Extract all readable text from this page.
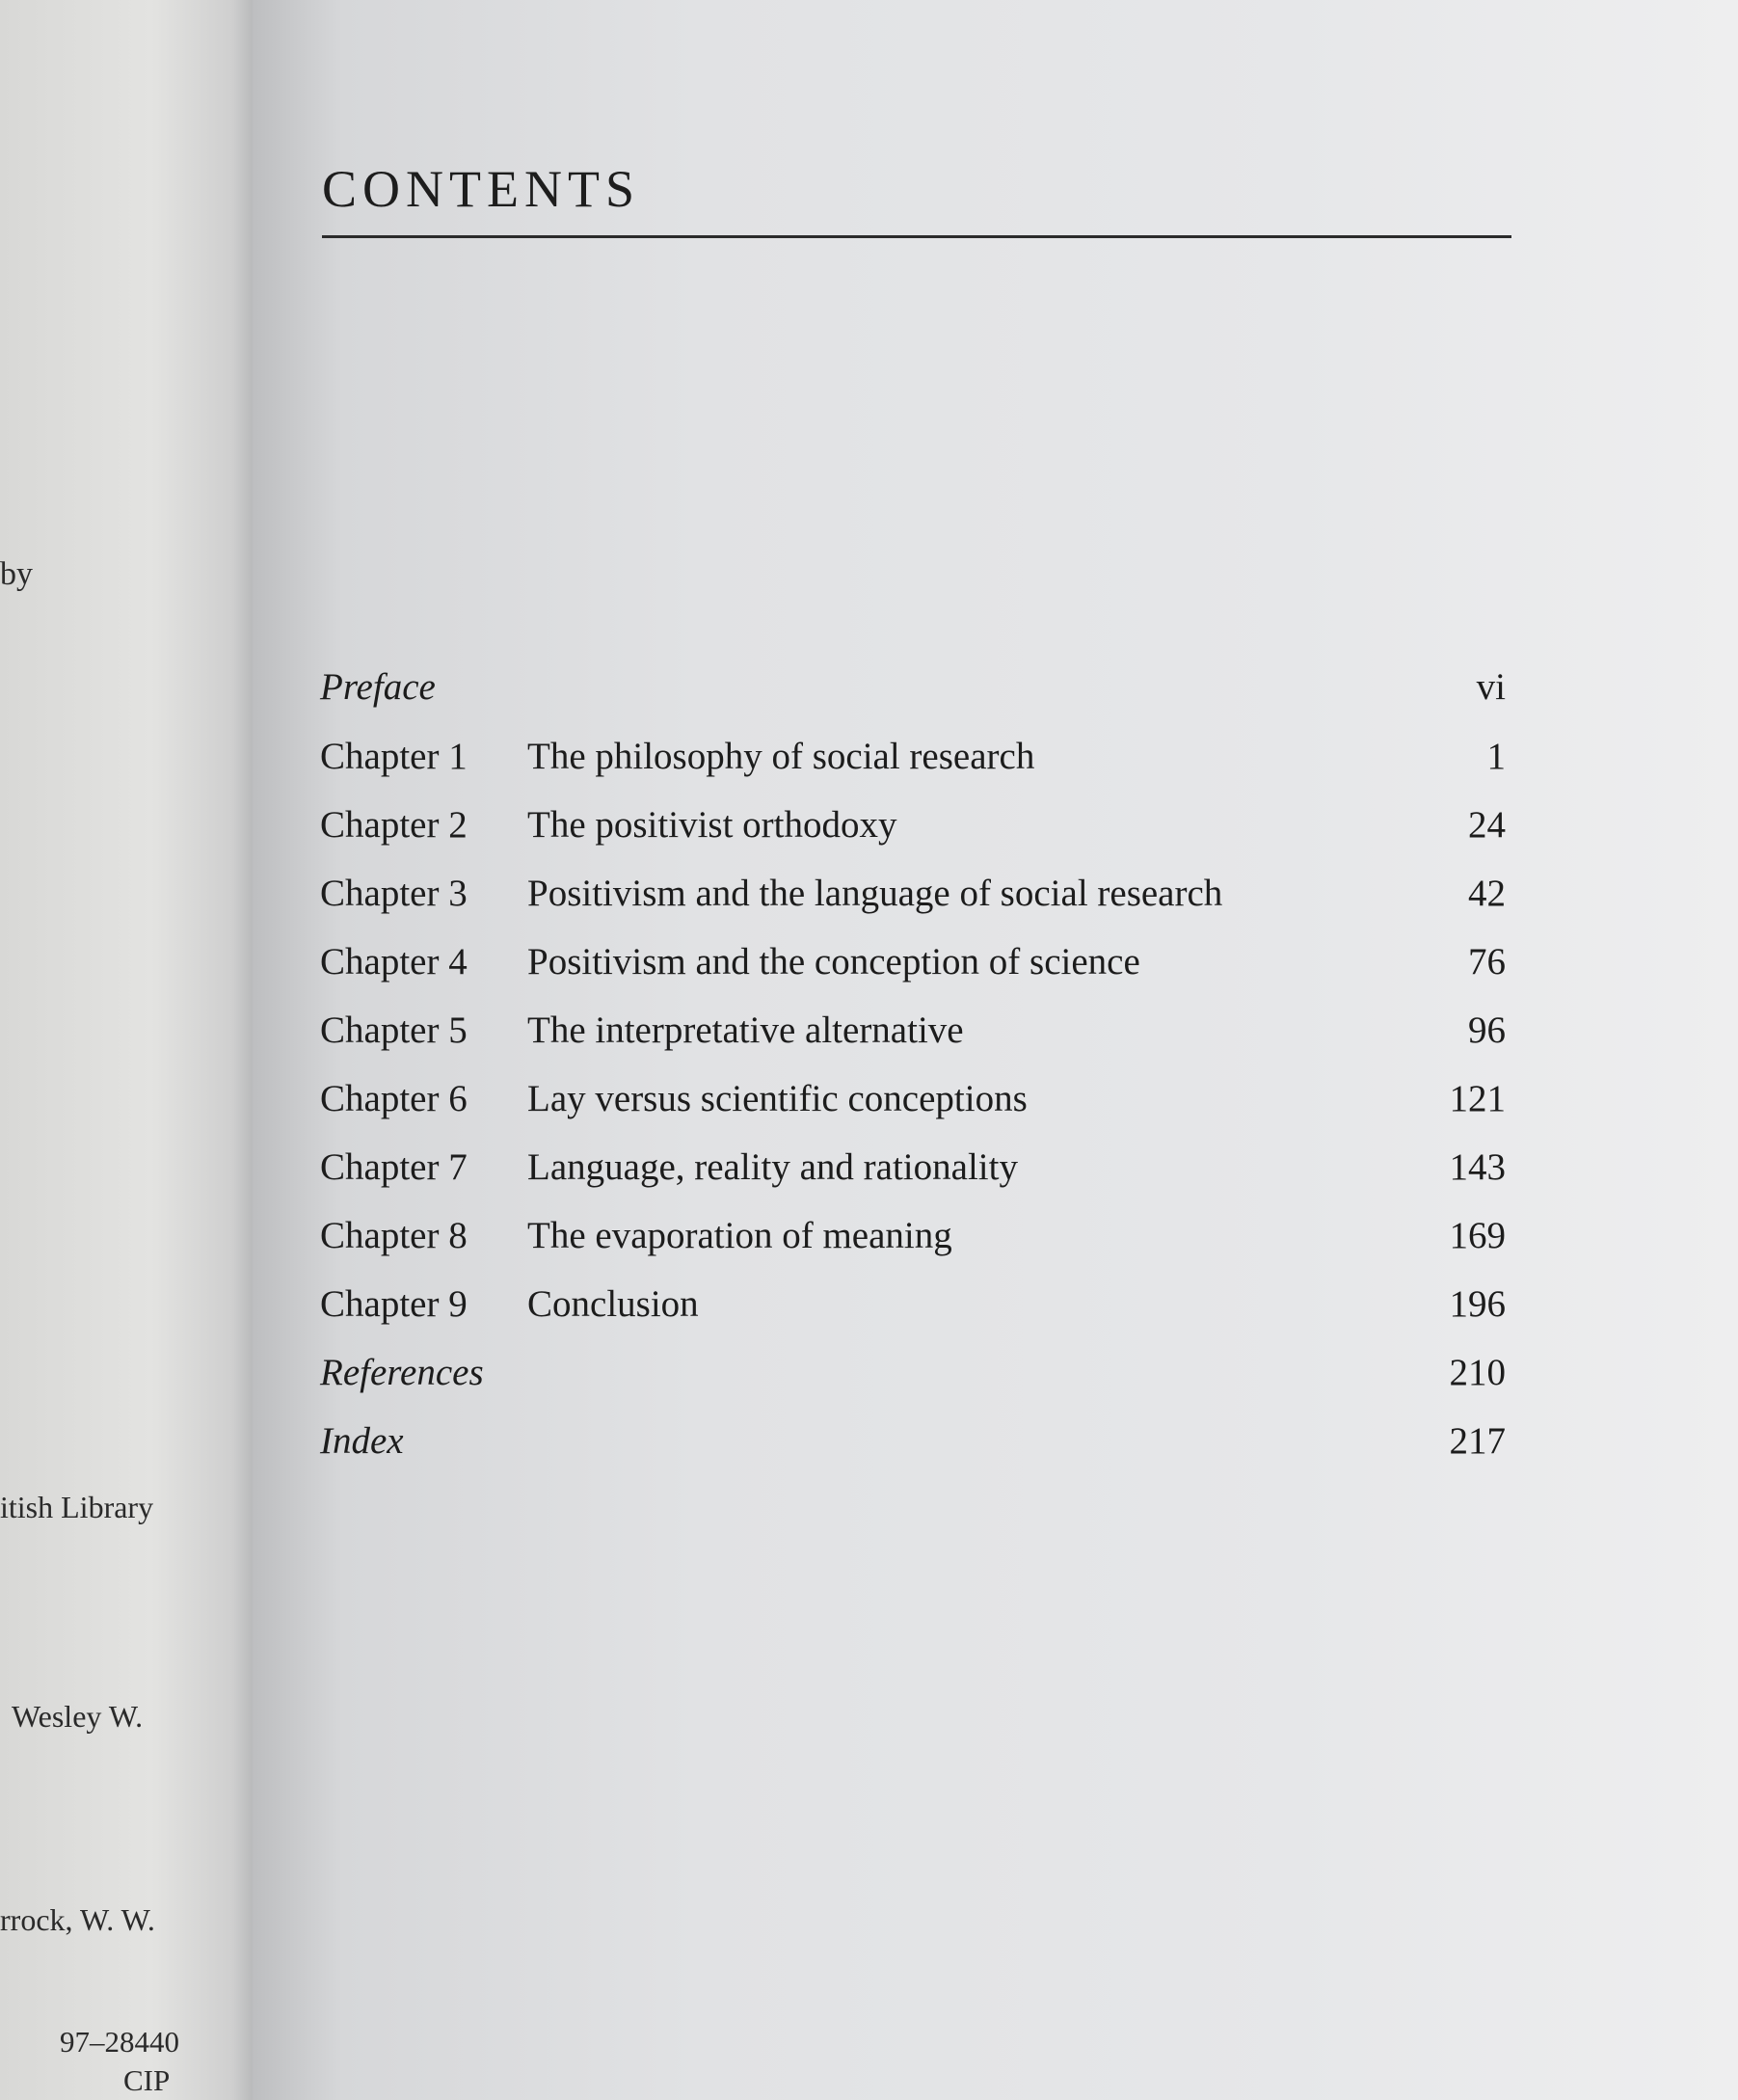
by
itish Library
Wesley W.
rrock, W. W.
97–28440
CIP
CONTENTS
Preface	vi
Chapter 1 The philosophy of social research	1
Chapter 2 The positivist orthodoxy	24
Chapter 3 Positivism and the language of social research	42
Chapter 4 Positivism and the conception of science	76
Chapter 5 The interpretative alternative	96
Chapter 6 Lay versus scientific conceptions	121
Chapter 7 Language, reality and rationality	143
Chapter 8 The evaporation of meaning	169
Chapter 9 Conclusion	196
References	210
Index	217
